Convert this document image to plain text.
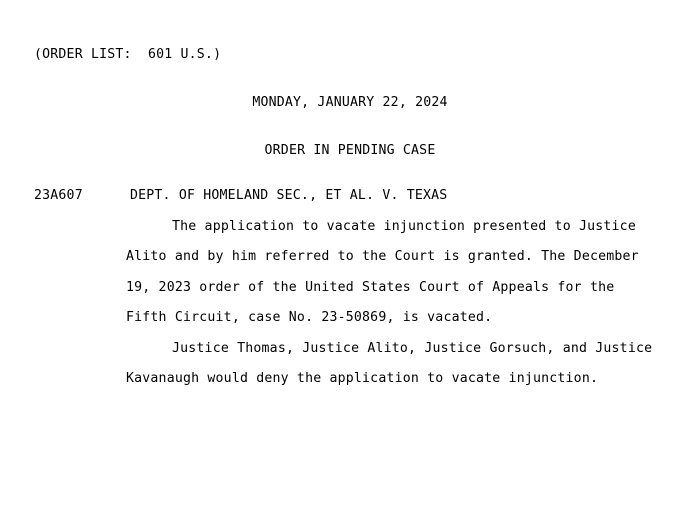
(ORDER LIST:  601 U.S.)
MONDAY, JANUARY 22, 2024
ORDER IN PENDING CASE
23A607	DEPT. OF HOMELAND SEC., ET AL. V. TEXAS
The application to vacate injunction presented to Justice
Alito and by him referred to the Court is granted. The December
19, 2023 order of the United States Court of Appeals for the
Fifth Circuit, case No. 23-50869, is vacated.
Justice Thomas, Justice Alito, Justice Gorsuch, and Justice
Kavanaugh would deny the application to vacate injunction.
